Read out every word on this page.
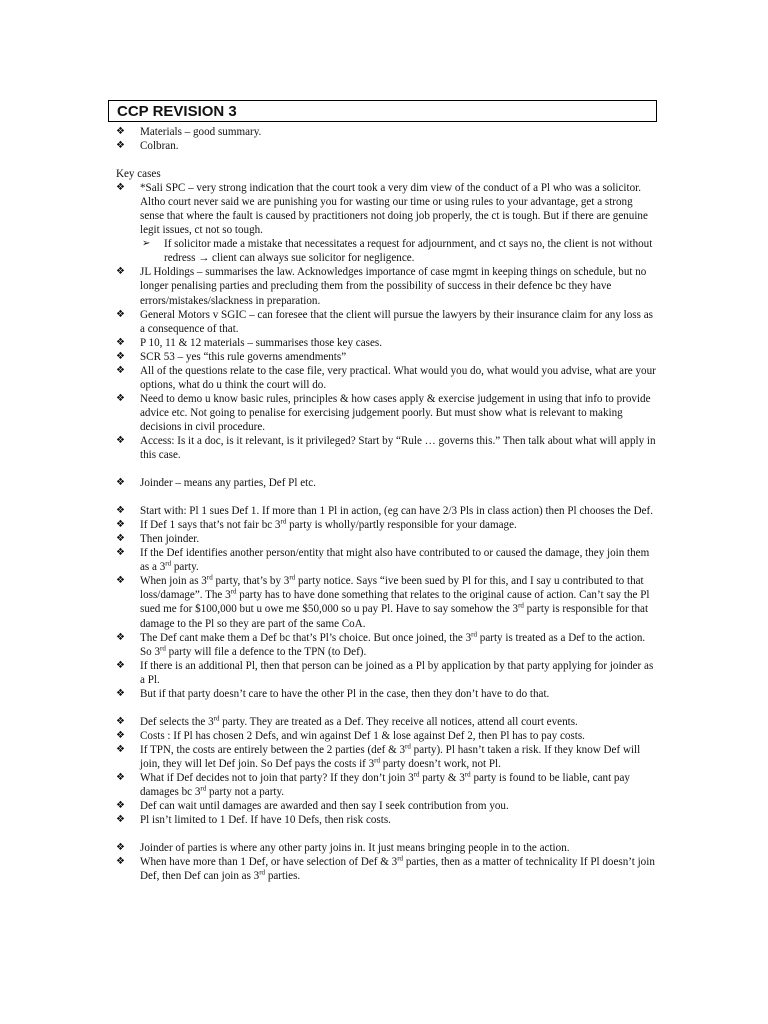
CCP REVISION 3
❖	Materials – good summary.
❖	Colbran.
Key cases
❖	*Sali SPC – very strong indication that the court took a very dim view of the conduct of a Pl who was a solicitor. Altho court never said we are punishing you for wasting our time or using rules to your advantage, get a strong sense that where the fault is caused by practitioners not doing job properly, the ct is tough. But if there are genuine legit issues, ct not so tough.
➢	If solicitor made a mistake that necessitates a request for adjournment, and ct says no, the client is not without redress → client can always sue solicitor for negligence.
❖	JL Holdings – summarises the law. Acknowledges importance of case mgmt in keeping things on schedule, but no longer penalising parties and precluding them from the possibility of success in their defence bc they have errors/mistakes/slackness in preparation.
❖	General Motors v SGIC – can foresee that the client will pursue the lawyers by their insurance claim for any loss as a consequence of that.
❖	P 10, 11 & 12 materials – summarises those key cases.
❖	SCR 53 – yes “this rule governs amendments”
❖	All of the questions relate to the case file, very practical. What would you do, what would you advise, what are your options, what do u think the court will do.
❖	Need to demo u know basic rules, principles & how cases apply & exercise judgement in using that info to provide advice etc. Not going to penalise for exercising judgement poorly. But must show what is relevant to making decisions in civil procedure.
❖	Access: Is it a doc, is it relevant, is it privileged? Start by “Rule … governs this.” Then talk about what will apply in this case.
❖	Joinder – means any parties, Def Pl etc.
❖	Start with: Pl 1 sues Def 1. If more than 1 Pl in action, (eg can have 2/3 Pls in class action) then Pl chooses the Def.
❖	If Def 1 says that’s not fair bc 3rd party is wholly/partly responsible for your damage.
❖	Then joinder.
❖	If the Def identifies another person/entity that might also have contributed to or caused the damage, they join them as a 3rd party.
❖	When join as 3rd party, that’s by 3rd party notice. Says “ive been sued by Pl for this, and I say u contributed to that loss/damage”. The 3rd party has to have done something that relates to the original cause of action. Can’t say the Pl sued me for $100,000 but u owe me $50,000 so u pay Pl. Have to say somehow the 3rd party is responsible for that damage to the Pl so they are part of the same CoA.
❖	The Def cant make them a Def bc that’s Pl’s choice. But once joined, the 3rd party is treated as a Def to the action. So 3rd party will file a defence to the TPN (to Def).
❖	If there is an additional Pl, then that person can be joined as a Pl by application by that party applying for joinder as a Pl.
❖	But if that party doesn’t care to have the other Pl in the case, then they don’t have to do that.
❖	Def selects the 3rd party. They are treated as a Def. They receive all notices, attend all court events.
❖	Costs : If Pl has chosen 2 Defs, and win against Def 1 & lose against Def 2, then Pl has to pay costs.
❖	If TPN, the costs are entirely between the 2 parties (def & 3rd party). Pl hasn’t taken a risk. If they know Def will join, they will let Def join. So Def pays the costs if 3rd party doesn’t work, not Pl.
❖	What if Def decides not to join that party? If they don’t join 3rd party & 3rd party is found to be liable, cant pay damages bc 3rd party not a party.
❖	Def can wait until damages are awarded and then say I seek contribution from you.
❖	Pl isn’t limited to 1 Def. If have 10 Defs, then risk costs.
❖	Joinder of parties is where any other party joins in. It just means bringing people in to the action.
❖	When have more than 1 Def, or have selection of Def & 3rd parties, then as a matter of technicality If Pl doesn’t join Def, then Def can join as 3rd parties.
